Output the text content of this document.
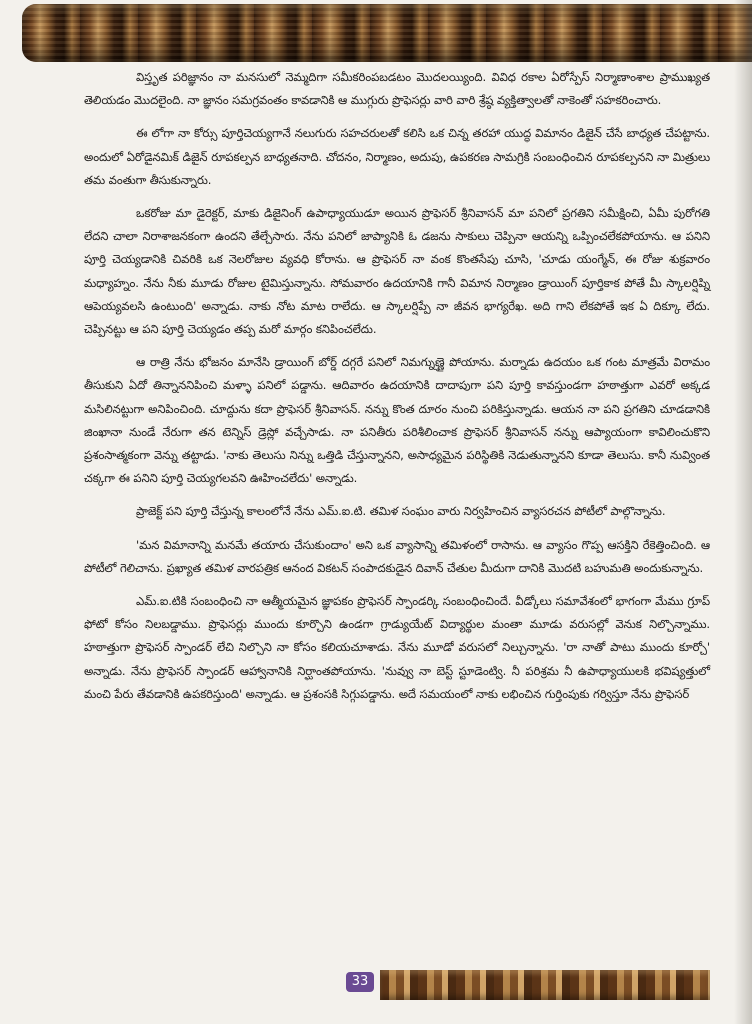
విస్తృత పరిజ్ఞానం నా మనసులో నెమ్మదిగా సమీకరింపబడటం మొదలయ్యింది. వివిధ రకాల ఏరోస్పేస్ నిర్మాణాంశాల ప్రాముఖ్యత తెలియడం మొదలైంది. నా జ్ఞానం సమగ్రవంతం కావడానికి ఆ ముగ్గురు ప్రొఫెసర్లు వారి వారి శ్రేష్ఠ వ్యక్తిత్వాలతో నాకెంతో సహకరించారు.

ఈ లోగా నా కోర్సు పూర్తిచెయ్యగానే నలుగురు సహచరులతో కలిసి ఒక చిన్న తరహా యుద్ధ విమానం డిజైన్ చేసే బాధ్యత చేపట్టాను. అందులో ఏరోడైనమిక్ డిజైన్ రూపకల్పన బాధ్యతనాది. చోదనం, నిర్మాణం, అదుపు, ఉపకరణ సామగ్రికి సంబంధించిన రూపకల్పనని నా మిత్రులు తమ వంతుగా తీసుకున్నారు.

ఒకరోజు మా డైరెక్టర్, మాకు డిజైనింగ్ ఉపాధ్యాయుడూ అయిన ప్రొఫెసర్ శ్రీనివాసన్ మా పనిలో ప్రగతిని సమీక్షించి, ఏమీ పురోగతి లేదని చాలా నిరాశాజనకంగా ఉందని తేల్చేసారు. నేను పనిలో జాప్యానికి ఓ డజను సాకులు చెప్పినా ఆయన్ని ఒప్పించలేకపోయాను. ఆ పనిని పూర్తి చెయ్యడానికి చివరికి ఒక నెలరోజుల వ్యవధి కోరాను. ఆ ప్రొఫెసర్ నా వంక కొంతసేపు చూసి, 'చూడు యంగ్మేన్, ఈ రోజు శుక్రవారం మధ్యాహ్నం. నేను నీకు మూడు రోజుల టైమిస్తున్నాను. సోమవారం ఉదయానికి గానీ విమాన నిర్మాణం డ్రాయింగ్ పూర్తికాక పోతే మీ స్కాలర్షిప్ని ఆపెయ్యవలసి ఉంటుంది' అన్నాడు. నాకు నోట మాట రాలేదు. ఆ స్కాలర్షిప్పే నా జీవన భాగ్యరేఖ. అది గాని లేకపోతే ఇక ఏ దిక్కూ లేదు. చెప్పినట్టు ఆ పని పూర్తి చెయ్యడం తప్ప మరో మార్గం కనిపించలేదు.

ఆ రాత్రి నేను భోజనం మానేసి డ్రాయింగ్ బోర్డ్ దగ్గరే పనిలో నిమగ్నుణ్ణై పోయాను. మర్నాడు ఉదయం ఒక గంట మాత్రమే విరామం తీసుకుని ఏదో తిన్నాననిపించి మళ్ళా పనిలో పడ్డాను. ఆదివారం ఉదయానికి దాదాపుగా పని పూర్తి కావస్తుండగా హఠాత్తుగా ఎవరో అక్కడ మసిలినట్టుగా అనిపించింది. చూద్దును కదా ప్రొఫెసర్ శ్రీనివాసన్. నన్ను కొంత దూరం నుంచి పరికిస్తున్నాడు. ఆయన నా పని ప్రగతిని చూడడానికి జింఖానా నుండే నేరుగా తన టెన్నిస్ డ్రెస్లో వచ్చేసాడు. నా పనితీరు పరిశీలించాక ప్రొఫెసర్ శ్రీనివాసన్ నన్ను ఆప్యాయంగా కావిలించుకొని ప్రశంసాత్మకంగా వెన్ను తట్టాడు. 'నాకు తెలుసు నిన్ను ఒత్తిడి చేస్తున్నానని, అసాధ్యమైన పరిస్థితికి నెడుతున్నానని కూడా తెలుసు. కానీ నువ్వింత చక్కగా ఈ పనిని పూర్తి చెయ్యగలవని ఊహించలేదు' అన్నాడు.

ప్రాజెక్ట్ పని పూర్తి చేస్తున్న కాలంలోనే నేను ఎమ్.ఐ.టి. తమిళ సంఘం వారు నిర్వహించిన వ్యాసరచన పోటీలో పాల్గొన్నాను.

'మన విమానాన్ని మనమే తయారు చేసుకుందాం' అని ఒక వ్యాసాన్ని తమిళంలో రాసాను. ఆ వ్యాసం గొప్ప ఆసక్తిని రేకెత్తించింది. ఆ పోటీలో గెలిచాను. ప్రఖ్యాత తమిళ వారపత్రిక ఆనంద వికటన్ సంపాదకుడైన దివాన్ చేతుల మీదుగా దానికి మొదటి బహుమతి అందుకున్నాను.

ఎమ్.ఐ.టికి సంబంధించి నా ఆత్మీయమైన జ్ఞాపకం ప్రొఫెసర్ స్పాండర్కి సంబంధించిందే. వీడ్కోలు సమావేశంలో భాగంగా మేము గ్రూప్ ఫోటో కోసం నిలబడ్డాము. ప్రొఫెసర్లు ముందు కూర్చొని ఉండగా గ్రాడ్యుయేట్ విద్యార్థుల మంతా మూడు వరుసల్లో వెనుక నిల్చొన్నాము. హఠాత్తుగా ప్రొఫెసర్ స్పాండర్ లేచి నిల్చొని నా కోసం కలియచూశాడు. నేను మూడో వరుసలో నిల్చున్నాను. 'రా నాతో పాటు ముందు కూర్చో' అన్నాడు. నేను ప్రొఫెసర్ స్పాండర్ ఆహ్వానానికి నిర్ఘాంతపోయాను. 'నువ్వు నా బెస్ట్ స్టూడెంట్వి. నీ పరిశ్రమ నీ ఉపాధ్యాయులకి భవిష్యత్తులో మంచి పేరు తేవడానికి ఉపకరిస్తుంది' అన్నాడు. ఆ ప్రశంసకి సిగ్గుపడ్డాను. అదే సమయంలో నాకు లభించిన గుర్తింపుకు గర్విస్తూ నేను ప్రొఫెసర్

33
